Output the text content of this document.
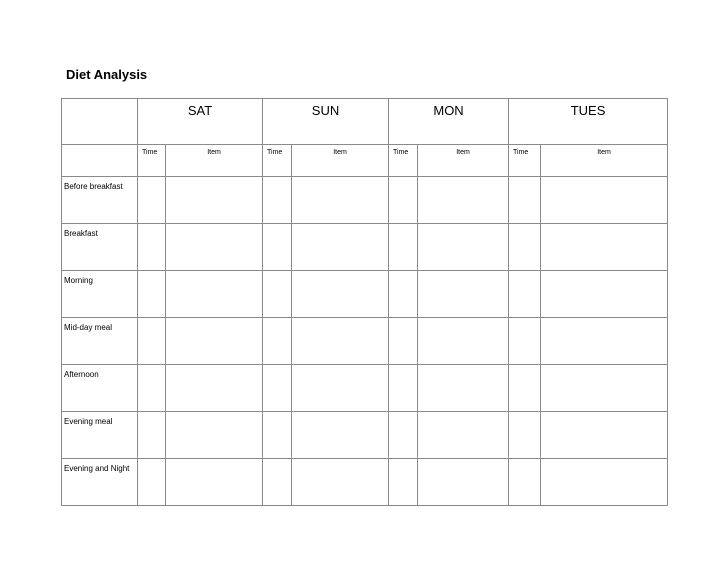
Diet Analysis
	SAT		SUN		MON		TUES	
	Time	Item	Time	Item	Time	Item	Time	Item
Before breakfast								
Breakfast								
Morning								
Mid-day meal								
Afternoon								
Evening meal								
Evening and Night								
